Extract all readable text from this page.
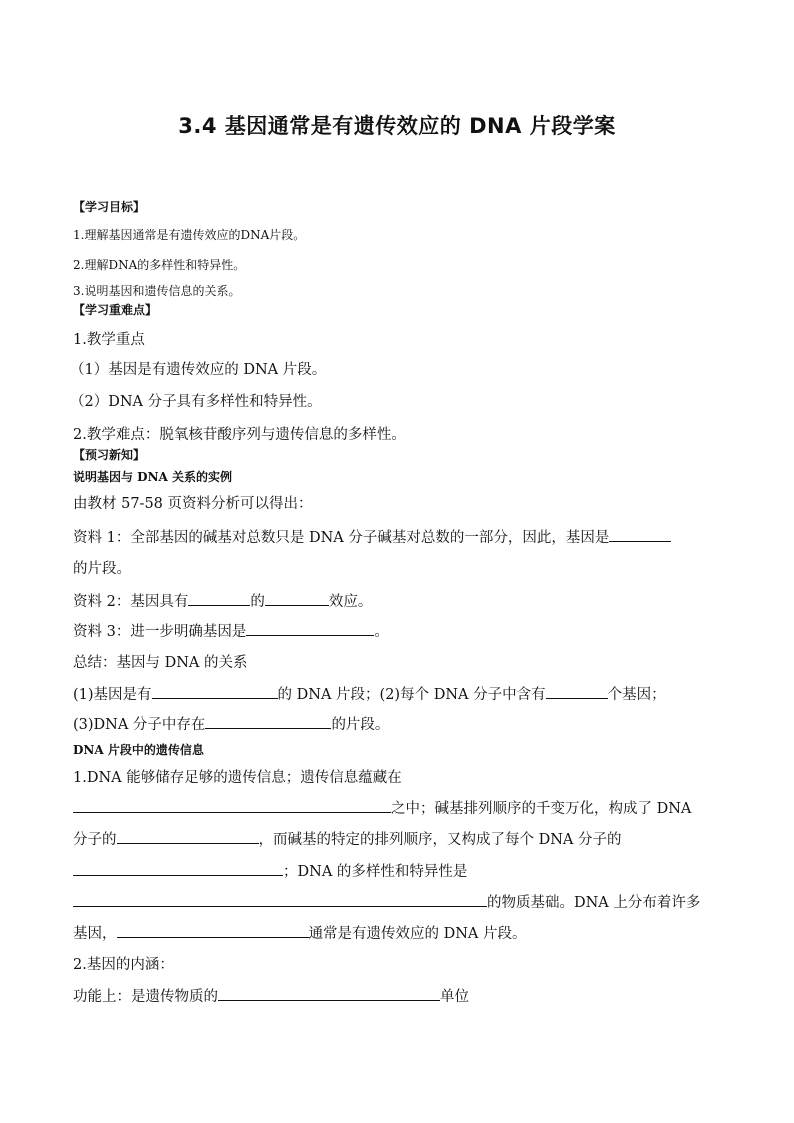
3.4 基因通常是有遗传效应的 DNA 片段学案
【学习目标】
1.理解基因通常是有遗传效应的DNA片段。
2.理解DNA的多样性和特异性。
3.说明基因和遗传信息的关系。
【学习重难点】
1.教学重点
（1）基因是有遗传效应的 DNA 片段。
（2）DNA 分子具有多样性和特异性。
2.教学难点：脱氧核苷酸序列与遗传信息的多样性。
【预习新知】
说明基因与 DNA 关系的实例
由教材 57-58 页资料分析可以得出：
资料 1：全部基因的碱基对总数只是 DNA 分子碱基对总数的一部分，因此，基因是
的片段。
资料 2：基因具有	的	效应。
资料 3：进一步明确基因是	。
总结：基因与 DNA 的关系
(1)基因是有	的 DNA 片段；(2)每个 DNA 分子中含有	个基因；
(3)DNA 分子中存在	的片段。
DNA 片段中的遗传信息
1.DNA 能够储存足够的遗传信息；遗传信息蕴藏在
之中；碱基排列顺序的千变万化，构成了 DNA
分子的	，而碱基的特定的排列顺序，又构成了每个 DNA 分子的
；DNA 的多样性和特异性是
的物质基础。DNA 上分布着许多
基因，	通常是有遗传效应的 DNA 片段。
2.基因的内涵：
功能上：是遗传物质的	单位
